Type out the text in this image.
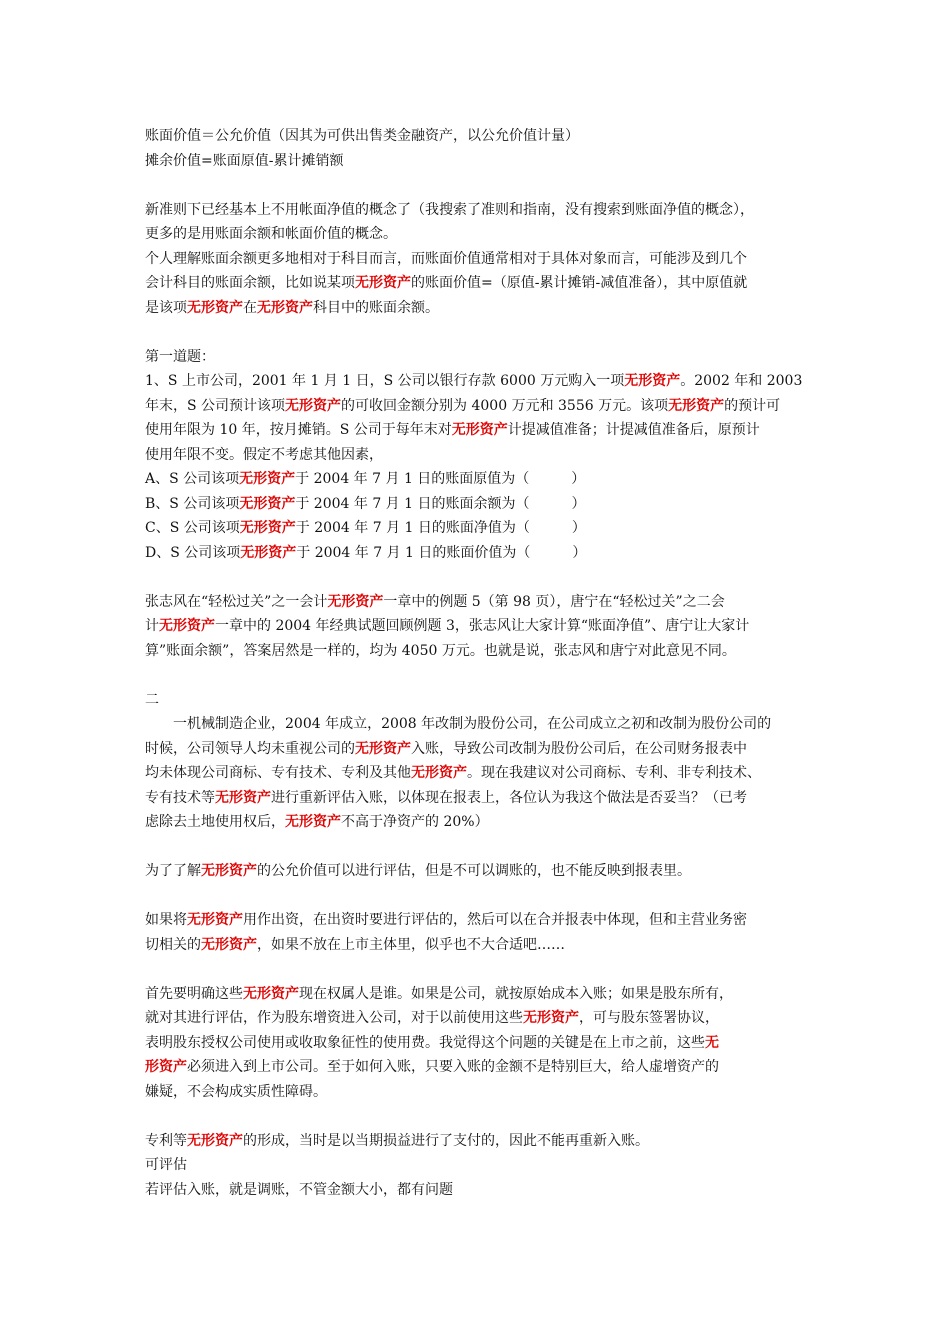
账面价值＝公允价值（因其为可供出售类金融资产，以公允价值计量）
摊余价值=账面原值-累计摊销额
新准则下已经基本上不用帐面净值的概念了（我搜索了准则和指南，没有搜索到账面净值的概念），
更多的是用账面余额和帐面价值的概念。
个人理解账面余额更多地相对于科目而言，而账面价值通常相对于具体对象而言，可能涉及到几个
会计科目的账面余额，比如说某项无形资产的账面价值=（原值-累计摊销-减值准备），其中原值就
是该项无形资产在无形资产科目中的账面余额。
第一道题：
1、S 上市公司，2001 年 1 月 1 日，S 公司以银行存款 6000 万元购入一项无形资产。2002 年和 2003
年末，S 公司预计该项无形资产的可收回金额分别为 4000 万元和 3556 万元。该项无形资产的预计可
使用年限为 10 年，按月摊销。S 公司于每年末对无形资产计提减值准备；计提减值准备后，原预计
使用年限不变。假定不考虑其他因素，
A、S 公司该项无形资产于 2004 年 7 月 1 日的账面原值为（　　　）
B、S 公司该项无形资产于 2004 年 7 月 1 日的账面余额为（　　　）
C、S 公司该项无形资产于 2004 年 7 月 1 日的账面净值为（　　　）
D、S 公司该项无形资产于 2004 年 7 月 1 日的账面价值为（　　　）
张志风在“轻松过关”之一会计无形资产一章中的例题 5（第 98 页），唐宁在“轻松过关”之二会
计无形资产一章中的 2004 年经典试题回顾例题 3，张志风让大家计算“账面净值”、唐宁让大家计
算”账面余额”，答案居然是一样的，均为 4050 万元。也就是说，张志风和唐宁对此意见不同。
二
一机械制造企业，2004 年成立，2008 年改制为股份公司，在公司成立之初和改制为股份公司的
时候，公司领导人均未重视公司的无形资产入账，导致公司改制为股份公司后，在公司财务报表中
均未体现公司商标、专有技术、专利及其他无形资产。现在我建议对公司商标、专利、非专利技术、
专有技术等无形资产进行重新评估入账，以体现在报表上，各位认为我这个做法是否妥当？（已考
虑除去土地使用权后，无形资产不高于净资产的 20%）
为了了解无形资产的公允价值可以进行评估，但是不可以调账的，也不能反映到报表里。
如果将无形资产用作出资，在出资时要进行评估的，然后可以在合并报表中体现，但和主营业务密
切相关的无形资产，如果不放在上市主体里，似乎也不大合适吧……
首先要明确这些无形资产现在权属人是谁。如果是公司，就按原始成本入账；如果是股东所有，
就对其进行评估，作为股东增资进入公司，对于以前使用这些无形资产，可与股东签署协议，
表明股东授权公司使用或收取象征性的使用费。我觉得这个问题的关键是在上市之前，这些无
形资产必须进入到上市公司。至于如何入账，只要入账的金额不是特别巨大，给人虚增资产的
嫌疑，不会构成实质性障碍。
专利等无形资产的形成，当时是以当期损益进行了支付的，因此不能再重新入账。
可评估
若评估入账，就是调账，不管金额大小，都有问题
